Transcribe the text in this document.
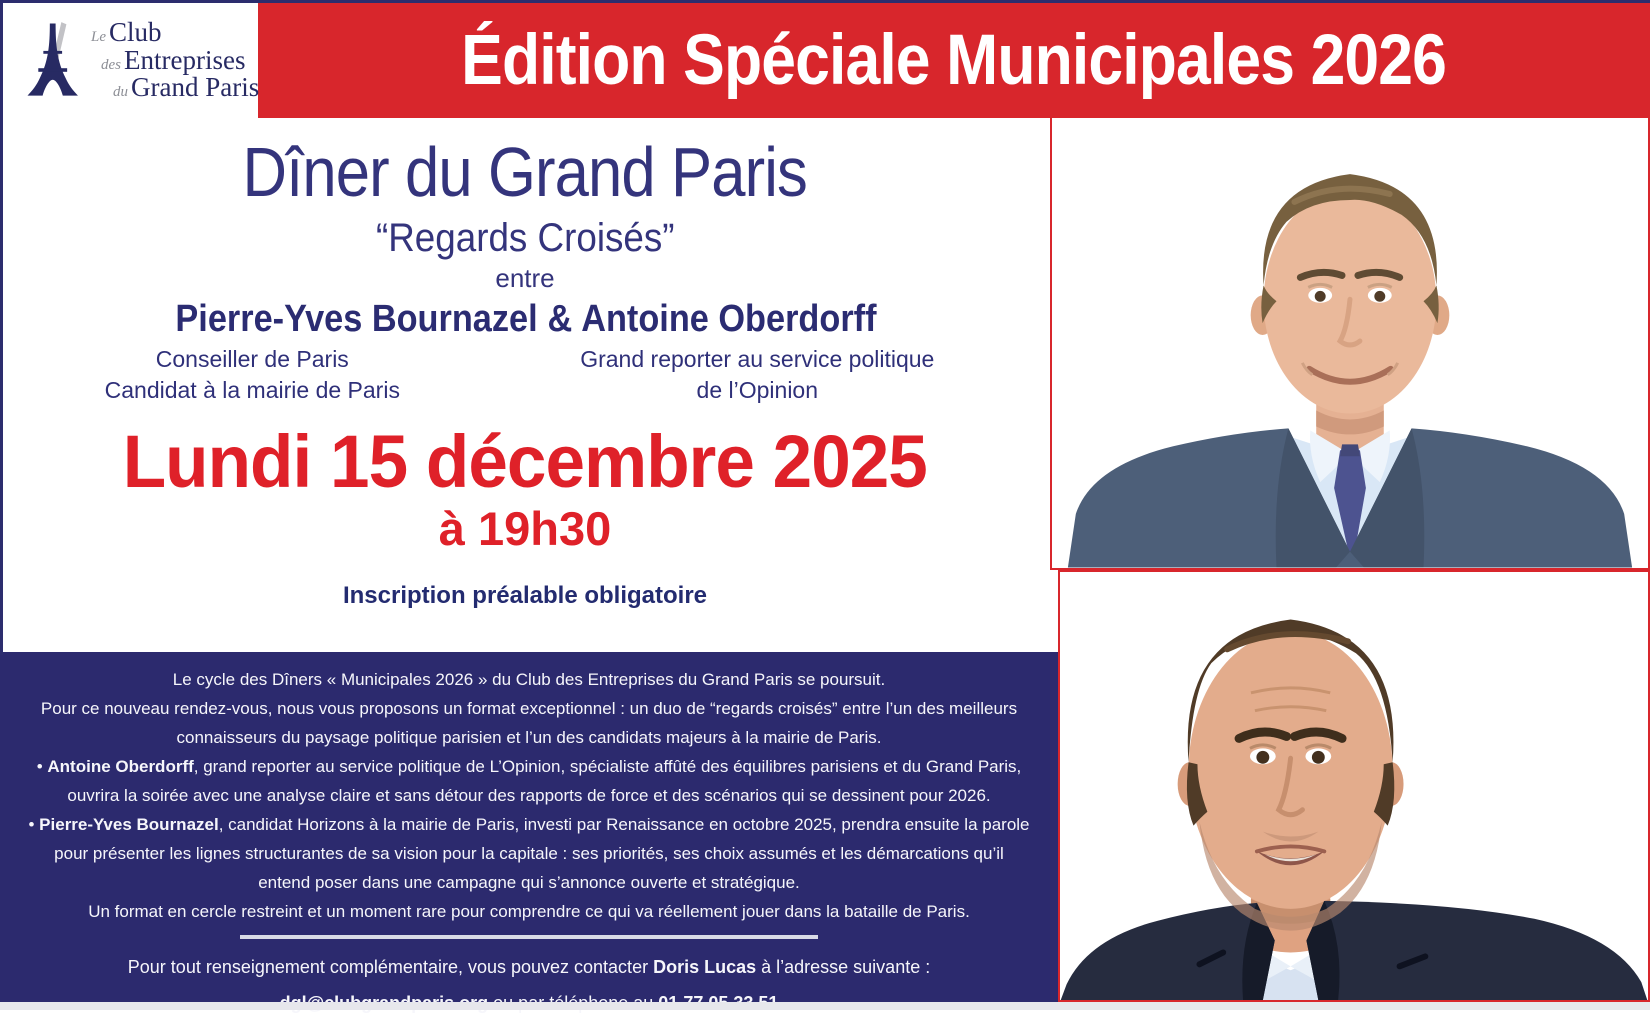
Le Club
des Entreprises
du Grand Paris	Édition Spéciale Municipales 2026
Dîner du Grand Paris
“Regards Croisés”
entre
Pierre-Yves Bournazel&Antoine Oberdorff
Conseiller de Paris
Candidat à la mairie de Paris
Grand reporter au service politique
de l’Opinion
Lundi 15 décembre 2025
à 19h30
Inscription préalable obligatoire

Le cycle des Dîners « Municipales 2026 » du Club des Entreprises du Grand Paris se poursuit.

Pour ce nouveau rendez-vous, nous vous proposons un format exceptionnel : un duo de “regards croisés” entre l’un des meilleurs connaisseurs du paysage politique parisien et l’un des candidats majeurs à la mairie de Paris.

• Antoine Oberdorff, grand reporter au service politique de L’Opinion, spécialiste affûté des équilibres parisiens et du Grand Paris, ouvrira la soirée avec une analyse claire et sans détour des rapports de force et des scénarios qui se dessinent pour 2026.

• Pierre-Yves Bournazel, candidat Horizons à la mairie de Paris, investi par Renaissance en octobre 2025, prendra ensuite la parole pour présenter les lignes structurantes de sa vision pour la capitale : ses priorités, ses choix assumés et les démarcations qu’il entend poser dans une campagne qui s’annonce ouverte et stratégique.

Un format en cercle restreint et un moment rare pour comprendre ce qui va réellement jouer dans la bataille de Paris.

Pour tout renseignement complémentaire, vous pouvez contacter Doris Lucas à l’adresse suivante :
